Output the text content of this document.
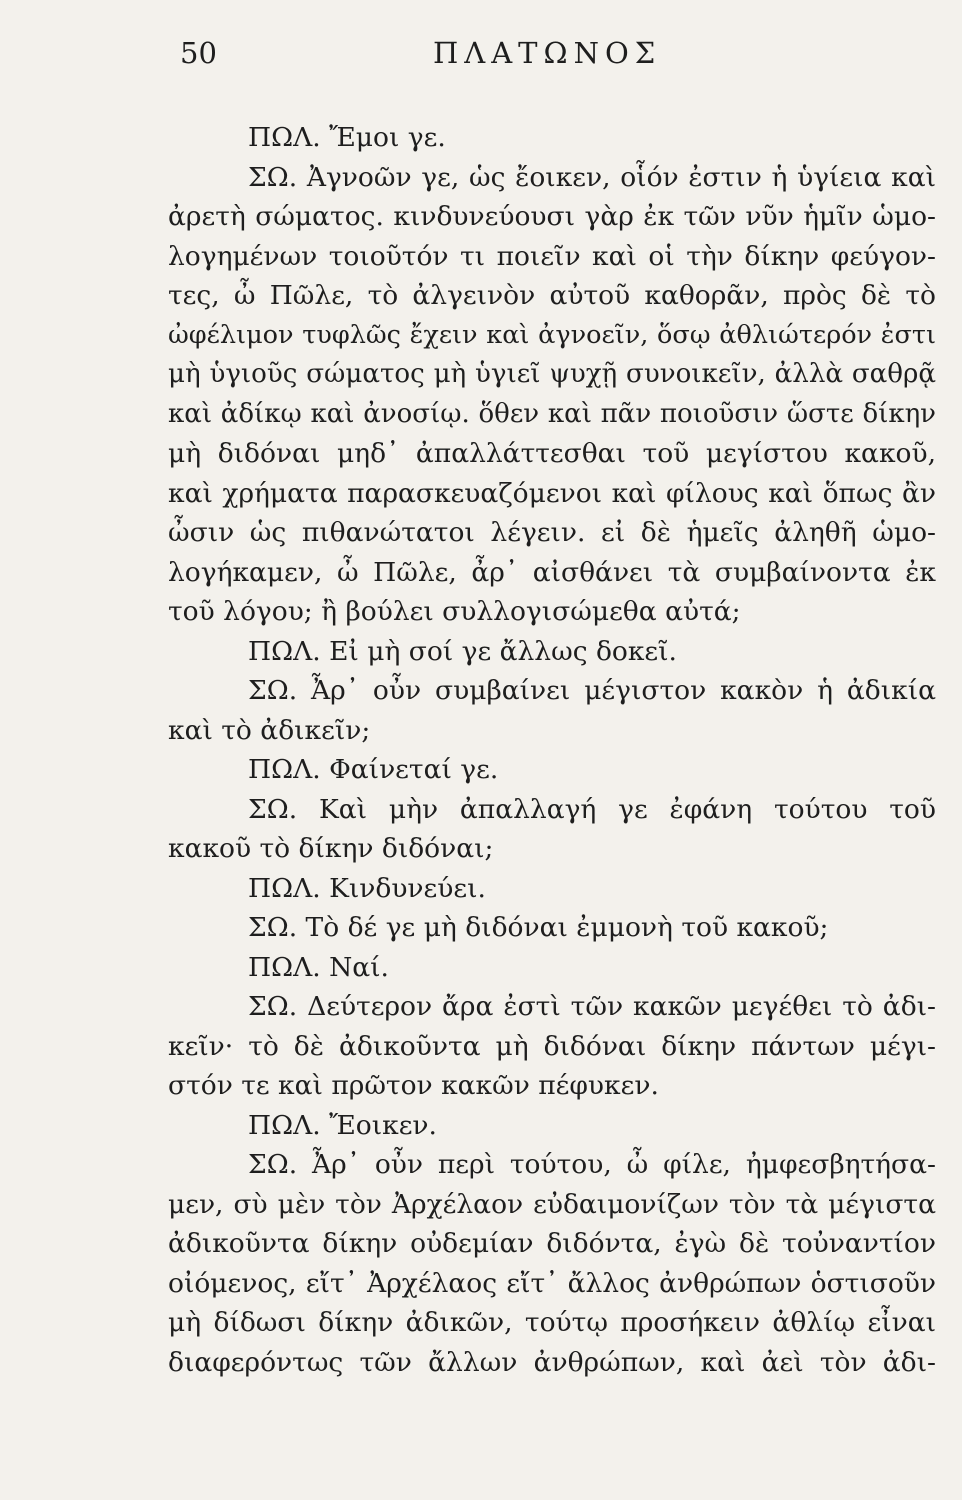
50	ΠΛΑΤΩΝΟΣ
ΠΩΛ. Ἔμοι γε.
ΣΩ. Ἀγνοῶν γε, ὡς ἔοικεν, οἷόν ἐστιν ἡ ὑγίεια καὶ
ἀρετὴ σώματος. κινδυνεύουσι γὰρ ἐκ τῶν νῦν ἡμῖν ὡμο-
λογημένων τοιοῦτόν τι ποιεῖν καὶ οἱ τὴν δίκην φεύγον-
τες, ὦ Πῶλε, τὸ ἀλγεινὸν αὐτοῦ καθορᾶν, πρὸς δὲ τὸ
ὠφέλιμον τυφλῶς ἔχειν καὶ ἀγνοεῖν, ὅσῳ ἀθλιώτερόν ἐστι
μὴ ὑγιοῦς σώματος μὴ ὑγιεῖ ψυχῇ συνοικεῖν, ἀλλὰ σαθρᾷ
καὶ ἀδίκῳ καὶ ἀνοσίῳ. ὅθεν καὶ πᾶν ποιοῦσιν ὥστε δίκην
μὴ διδόναι μηδ᾽ ἀπαλλάττεσθαι τοῦ μεγίστου κακοῦ,
καὶ χρήματα παρασκευαζόμενοι καὶ φίλους καὶ ὅπως ἂν
ὦσιν ὡς πιθανώτατοι λέγειν. εἰ δὲ ἡμεῖς ἀληθῆ ὡμο-
λογήκαμεν, ὦ Πῶλε, ἆρ᾽ αἰσθάνει τὰ συμβαίνοντα ἐκ
τοῦ λόγου; ἢ βούλει συλλογισώμεθα αὐτά;
ΠΩΛ. Εἰ μὴ σοί γε ἄλλως δοκεῖ.
ΣΩ. Ἆρ᾽ οὖν συμβαίνει μέγιστον κακὸν ἡ ἀδικία
καὶ τὸ ἀδικεῖν;
ΠΩΛ. Φαίνεταί γε.
ΣΩ. Καὶ μὴν ἀπαλλαγή γε ἐφάνη τούτου τοῦ
κακοῦ τὸ δίκην διδόναι;
ΠΩΛ. Κινδυνεύει.
ΣΩ. Τὸ δέ γε μὴ διδόναι ἐμμονὴ τοῦ κακοῦ;
ΠΩΛ. Ναί.
ΣΩ. Δεύτερον ἄρα ἐστὶ τῶν κακῶν μεγέθει τὸ ἀδι-
κεῖν· τὸ δὲ ἀδικοῦντα μὴ διδόναι δίκην πάντων μέγι-
στόν τε καὶ πρῶτον κακῶν πέφυκεν.
ΠΩΛ. Ἔοικεν.
ΣΩ. Ἆρ᾽ οὖν περὶ τούτου, ὦ φίλε, ἠμφεσβητήσα-
μεν, σὺ μὲν τὸν Ἀρχέλαον εὐδαιμονίζων τὸν τὰ μέγιστα
ἀδικοῦντα δίκην οὐδεμίαν διδόντα, ἐγὼ δὲ τοὐναντίον
οἰόμενος, εἴτ᾽ Ἀρχέλαος εἴτ᾽ ἄλλος ἀνθρώπων ὁστισοῦν
μὴ δίδωσι δίκην ἀδικῶν, τούτῳ προσήκειν ἀθλίῳ εἶναι
διαφερόντως τῶν ἄλλων ἀνθρώπων, καὶ ἀεὶ τὸν ἀδι-
